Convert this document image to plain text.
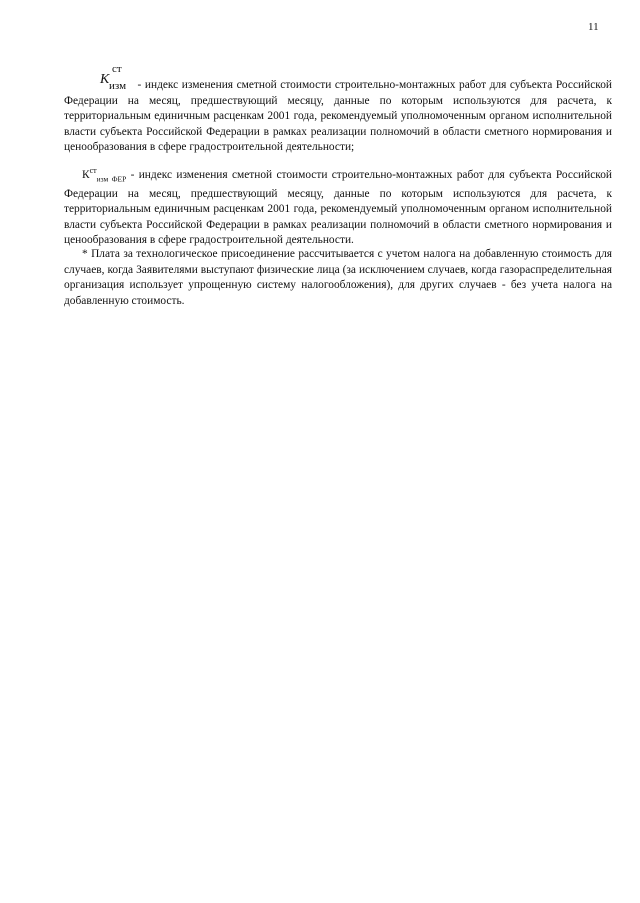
11

K
ст
изм - индекс изменения сметной стоимости строительно-монтажных работ для субъекта Российской Федерации на месяц, предшествующий месяцу, данные по которым используются для расчета, к территориальным единичным расценкам 2001 года, рекомендуемый уполномоченным органом исполнительной власти субъекта Российской Федерации в рамках реализации полномочий в области сметного нормирования и ценообразования в сфере градостроительной деятельности;

$К^{ст}_{изм ФЕР}$ - индекс изменения сметной стоимости строительно-монтажных работ для субъекта Российской Федерации на месяц, предшествующий месяцу, данные по которым используются для расчета, к территориальным единичным расценкам 2001 года, рекомендуемый уполномоченным органом исполнительной власти субъекта Российской Федерации в рамках реализации полномочий в области сметного нормирования и ценообразования в сфере градостроительной деятельности.

* Плата за технологическое присоединение рассчитывается с учетом налога на добавленную стоимость для случаев, когда Заявителями выступают физические лица (за исключением случаев, когда газораспределительная организация использует упрощенную систему налогообложения), для других случаев - без учета налога на добавленную стоимость.
